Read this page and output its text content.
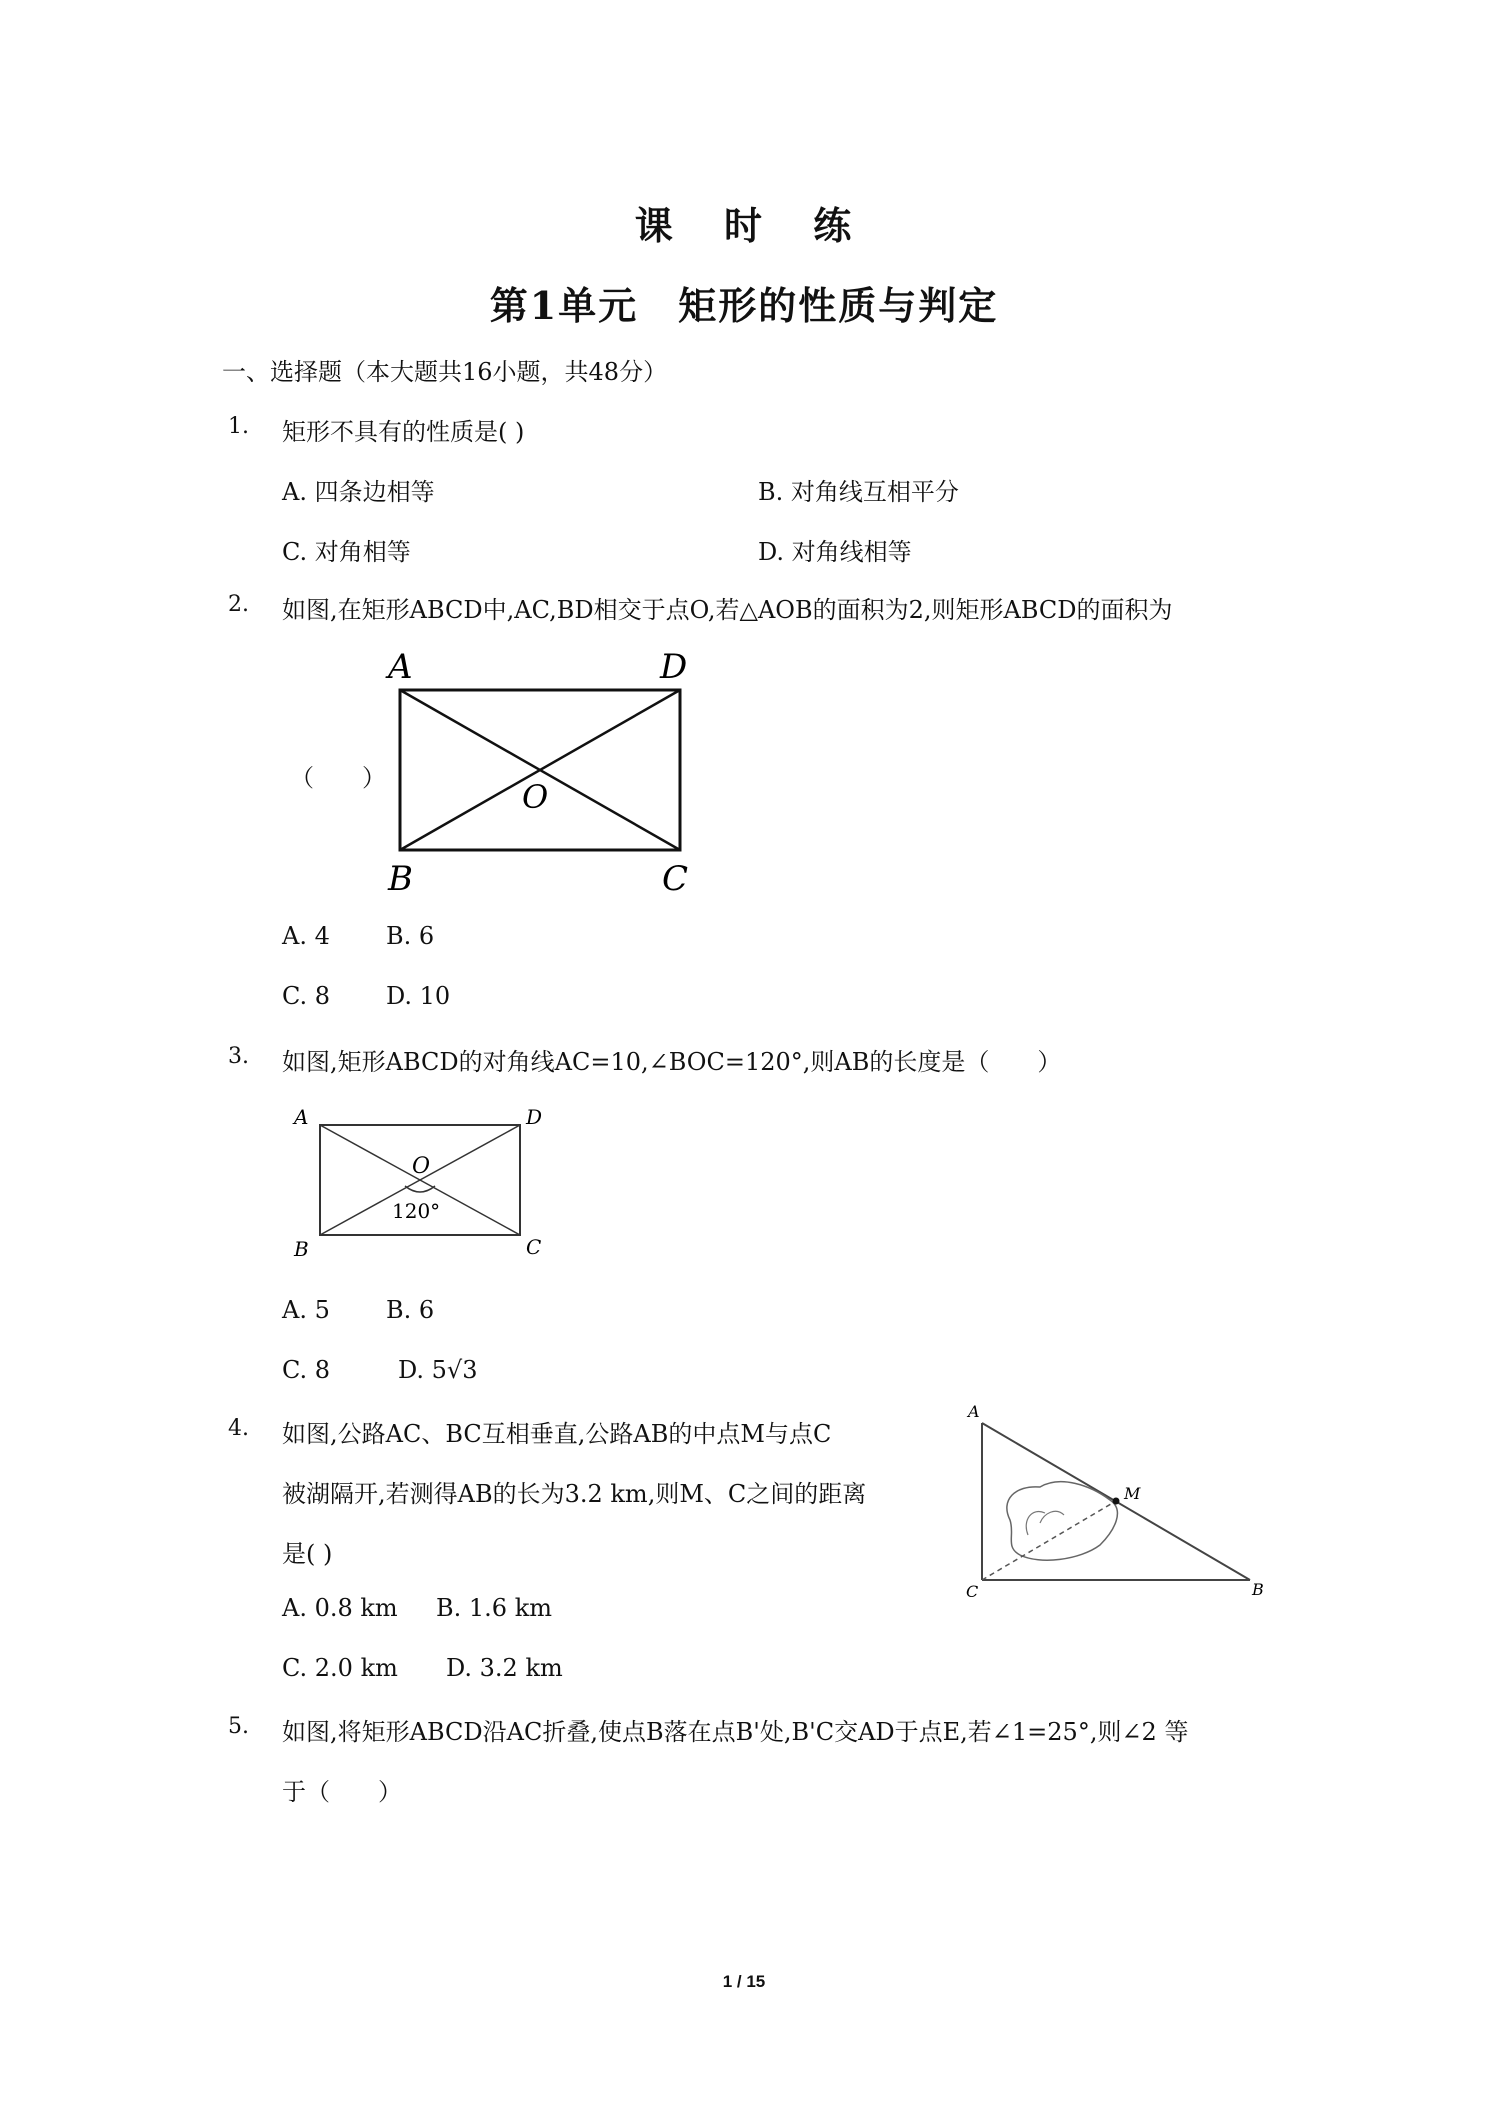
课 时 练
第1单元　矩形的性质与判定
一、选择题（本大题共16小题，共48分）
1. 矩形不具有的性质是( )
A. 四条边相等	B. 对角线互相平分
C. 对角相等	D. 对角线相等
2. 如图,在矩形ABCD中,AC,BD相交于点O,若△AOB的面积为2,则矩形ABCD的面积为
（　　）
A	D
O
B	C
A. 4 B. 6
C. 8 D. 10
3. 如图,矩形ABCD的对角线AC=10,∠BOC=120°,则AB的长度是（　　）
A	D
O
120°
B	C
A. 5 B. 6
C. 8	D. 5√3
4. 如图,公路AC、BC互相垂直,公路AB的中点M与点C
被湖隔开,若测得AB的长为3.2 km,则M、C之间的距离
是( )
A
M
C	B
A. 0.8 km B. 1.6 km
C. 2.0 km D. 3.2 km
5. 如图,将矩形ABCD沿AC折叠,使点B落在点B'处,B'C交AD于点E,若∠1=25°,则∠2 等
于（　　）
1 / 15
